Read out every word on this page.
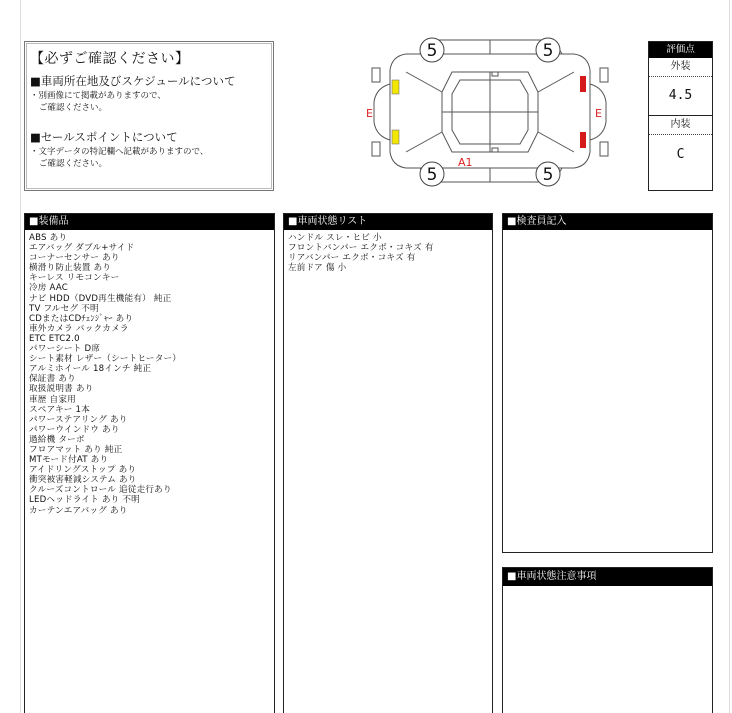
【必ずご確認ください】
■車両所在地及びスケジュールについて
・別画像にて掲載がありますので、
ご確認ください。
■セールスポイントについて
・文字データの特記欄へ記載がありますので、
ご確認ください。
5	5
5	5
E	E
A1
評価点
外装
4.5
内装
C
■装備品
ABS あり
エアバッグ ダブル+サイド
コーナーセンサー あり
横滑り防止装置 あり
キーレス リモコンキー
冷房 AAC
ナビ HDD（DVD再生機能有） 純正
TV フルセグ 不明
CDまたはCDﾁｪﾝｼﾞｬｰ あり
車外カメラ バックカメラ
ETC ETC2.0
パワーシート D席
シート素材 レザー（シートヒーター）
アルミホイール 18インチ 純正
保証書 あり
取扱説明書 あり
車歴 自家用
スペアキー 1本
パワーステアリング あり
パワーウインドウ あり
過給機 ターボ
フロアマット あり 純正
MTモード付AT あり
アイドリングストップ あり
衝突被害軽減システム あり
クルーズコントロール 追従走行あり
LEDヘッドライト あり 不明
カーテンエアバッグ あり
■車両状態リスト
ハンドル スレ・ヒビ 小
フロントバンパー エクボ・コキズ 有
リアバンパー エクボ・コキズ 有
左前ドア 傷 小
■検査員記入
■車両状態注意事項
